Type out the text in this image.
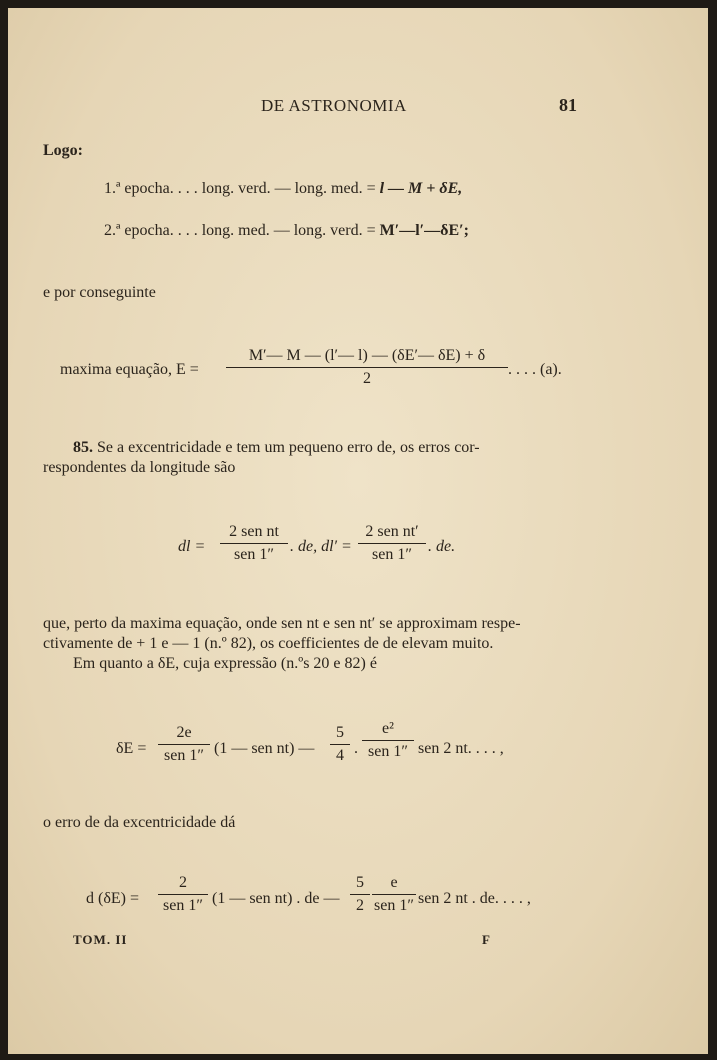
DE ASTRONOMIA	81
Logo:
1.ª epocha. . . . long. verd. — long. med. = l — M + δE,
2.ª epocha. . . . long. med. — long. verd. = M′—l′—δE′;
e por conseguinte
maxima equação, E =
M′— M — (l′— l) — (δE′— δE) + δ
2
. . . . (a).
85. Se a excentricidade e tem um pequeno erro de, os erros cor-
respondentes da longitude são
dl =
2 sen nt
sen 1″	. de, dl′ =
2 sen nt′
sen 1″	. de.
que, perto da maxima equação, onde sen nt e sen nt′ se approximam respe-
ctivamente de + 1 e — 1 (n.º 82), os coefficientes de de elevam muito.
Em quanto a δE, cuja expressão (n.ºs 20 e 82) é
δE =
2e
sen 1″ (1 — sen nt) —
5
4 .
e²
sen 1″ sen 2 nt. . . . ,
o erro de da excentricidade dá
d (δE) =
2
sen 1″ (1 — sen nt) . de —
5
2
e
sen 1″ sen 2 nt . de. . . . ,
TOM. II	F
